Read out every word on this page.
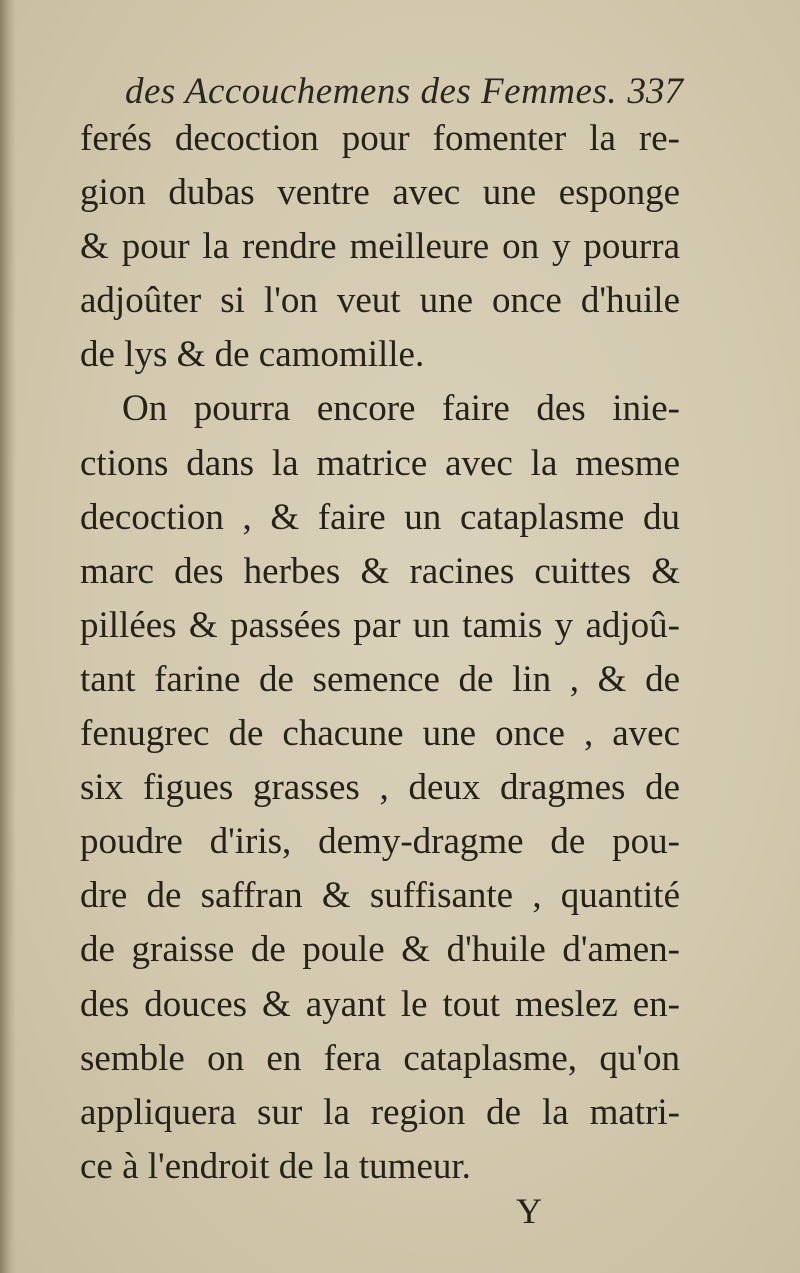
des Accouchemens des Femmes. 337
ferés decoction pour fomenter la re-
gion dubas ventre avec une esponge
& pour la rendre meilleure on y pourra
adjoûter si l'on veut une once d'huile
de lys & de camomille.
On pourra encore faire des inie-
ctions dans la matrice avec la mesme
decoction , & faire un cataplasme du
marc des herbes & racines cuittes &
pillées & passées par un tamis y adjoû-
tant farine de semence de lin , & de
fenugrec de chacune une once , avec
six figues grasses , deux dragmes de
poudre d'iris, demy-dragme de pou-
dre de saffran & suffisante , quantité
de graisse de poule & d'huile d'amen-
des douces & ayant le tout meslez en-
semble on en fera cataplasme, qu'on
appliquera sur la region de la matri-
ce à l'endroit de la tumeur.
Y
